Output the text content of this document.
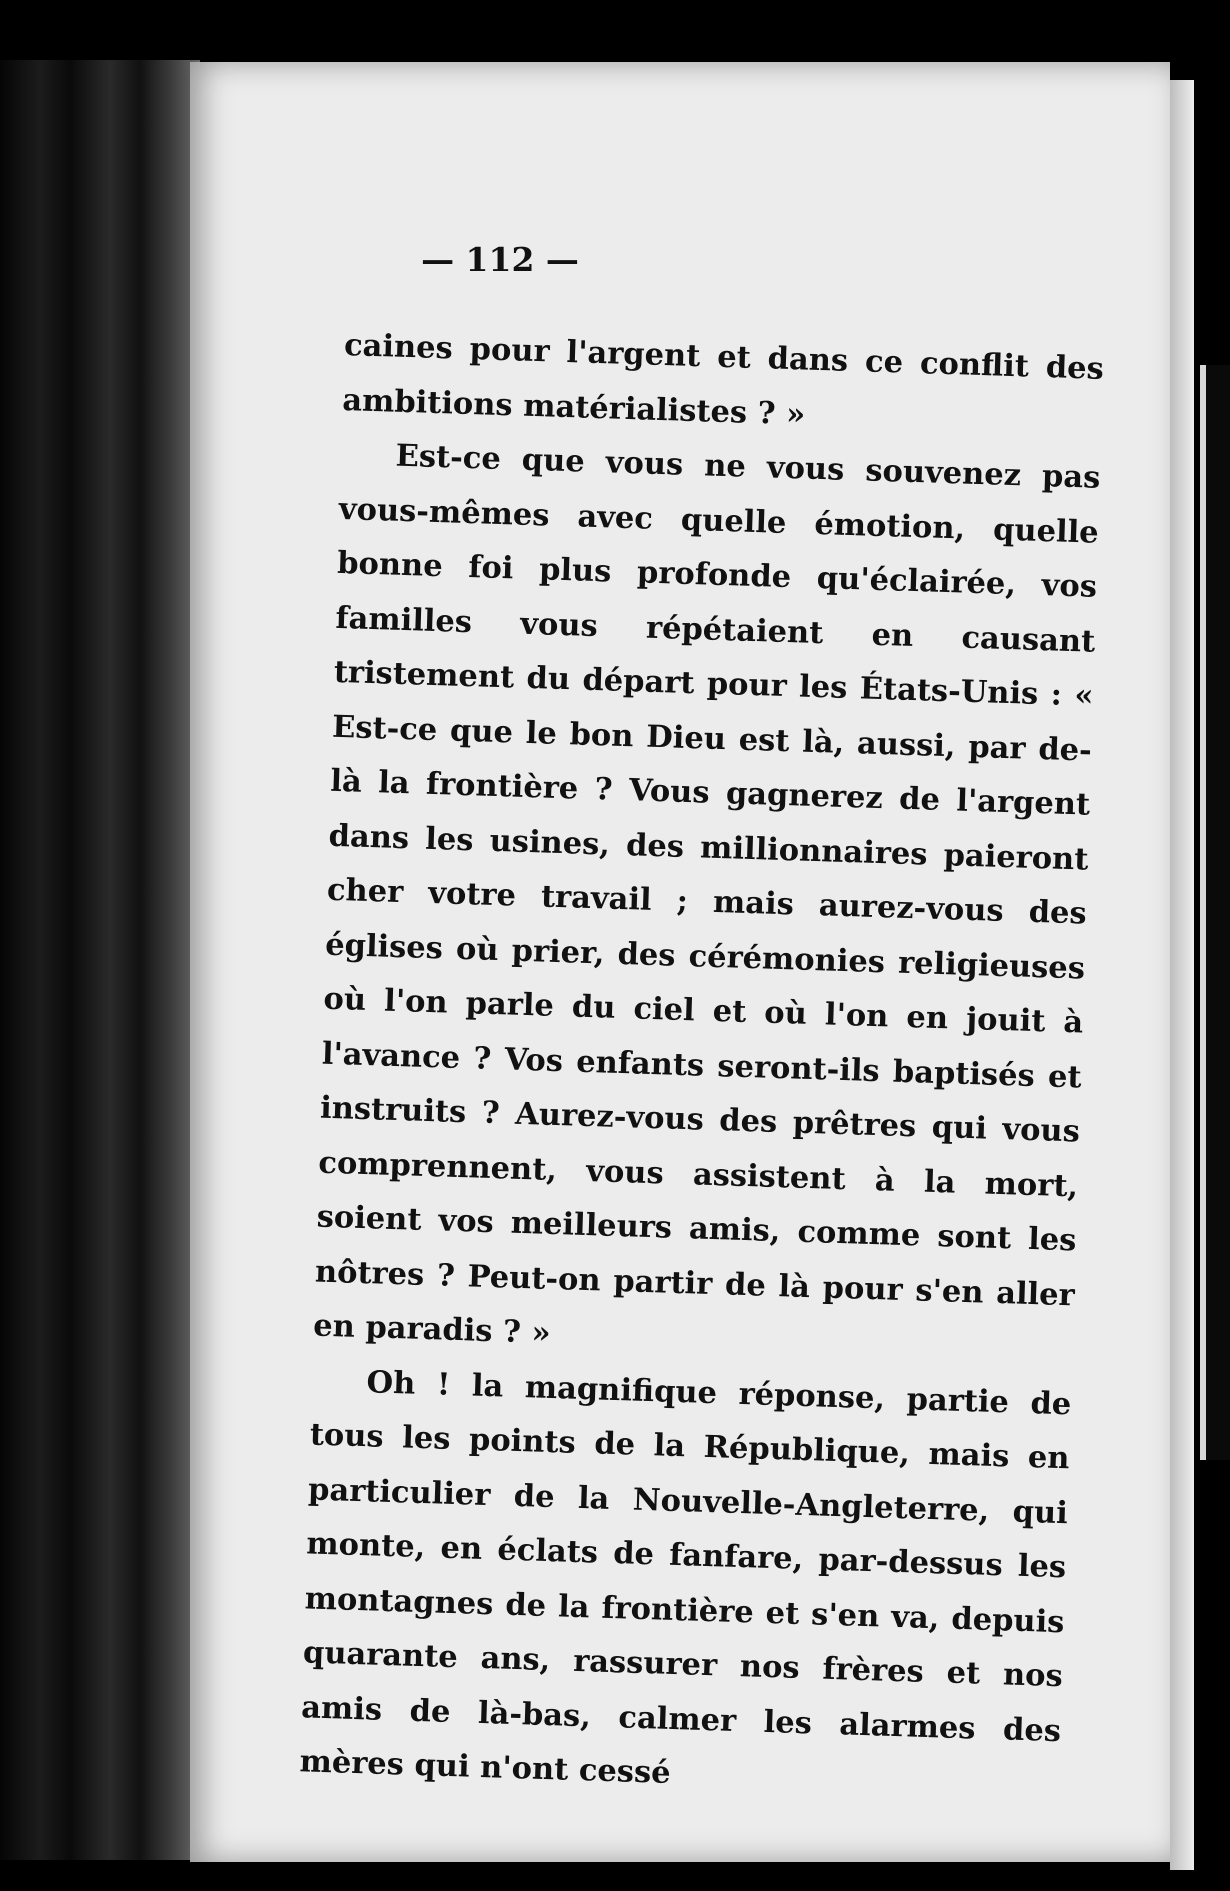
— 112 —

caines pour l'argent et dans ce conflit des ambitions matérialistes ? »

Est-ce que vous ne vous souvenez pas vous-mêmes avec quelle émotion, quelle bonne foi plus profonde qu'éclairée, vos familles vous répétaient en causant tristement du départ pour les États-Unis : « Est-ce que le bon Dieu est là, aussi, par de-là la frontière ? Vous gagnerez de l'argent dans les usines, des millionnaires paieront cher votre travail ; mais aurez-vous des églises où prier, des cérémonies religieuses où l'on parle du ciel et où l'on en jouit à l'avance ? Vos enfants seront-ils baptisés et instruits ? Aurez-vous des prêtres qui vous comprennent, vous assistent à la mort, soient vos meilleurs amis, comme sont les nôtres ? Peut-on partir de là pour s'en aller en paradis ? »

Oh ! la magnifique réponse, partie de tous les points de la République, mais en particulier de la Nouvelle-Angleterre, qui monte, en éclats de fanfare, par-dessus les montagnes de la frontière et s'en va, depuis quarante ans, rassurer nos frères et nos amis de là-bas, calmer les alarmes des mères qui n'ont cessé
